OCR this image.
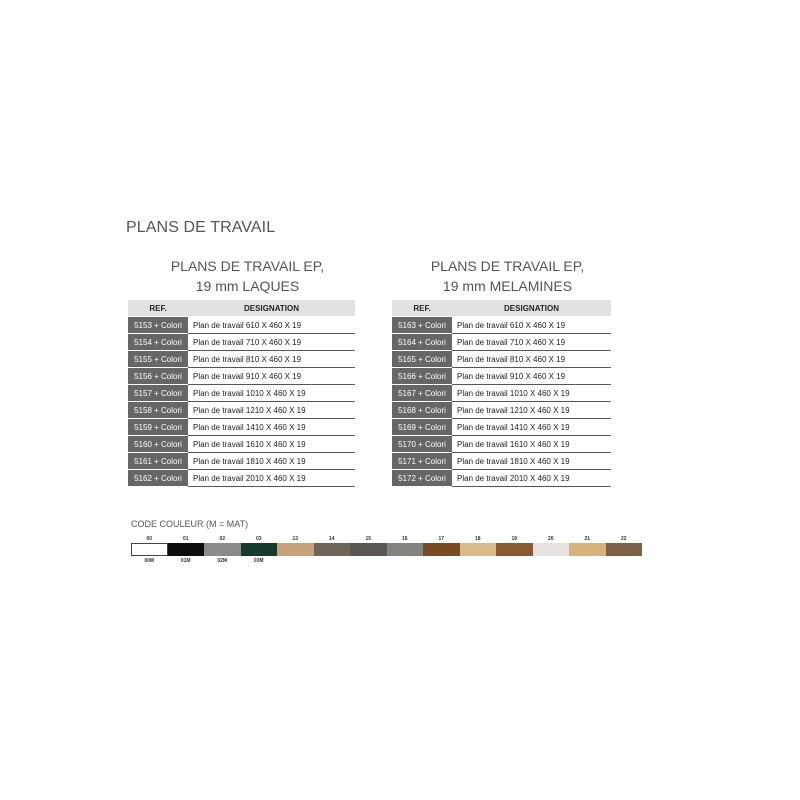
PLANS DE TRAVAIL
PLANS DE TRAVAIL EP,
19 mm LAQUES
REF.	DESIGNATION
5153 + Colori	Plan de travail 610 X 460 X 19
5154 + Colori	Plan de travail 710 X 460 X 19
5155 + Colori	Plan de travail 810 X 460 X 19
5156 + Colori	Plan de travail 910 X 460 X 19
5157 + Colori	Plan de travail 1010 X 460 X 19
5158 + Colori	Plan de travail 1210 X 460 X 19
5159 + Colori	Plan de travail 1410 X 460 X 19
5160 + Colori	Plan de travail 1610 X 460 X 19
5161 + Colori	Plan de travail 1810 X 460 X 19
5162 + Colori	Plan de travail 2010 X 460 X 19
PLANS DE TRAVAIL EP,
19 mm MELAMINES
REF.	DESIGNATION
5163 + Colori	Plan de travail 610 X 460 X 19
5164 + Colori	Plan de travail 710 X 460 X 19
5165 + Colori	Plan de travail 810 X 460 X 19
5166 + Colori	Plan de travail 910 X 460 X 19
5167 + Colori	Plan de travail 1010 X 460 X 19
5168 + Colori	Plan de travail 1210 X 460 X 19
5169 + Colori	Plan de travail 1410 X 460 X 19
5170 + Colori	Plan de travail 1610 X 460 X 19
5171 + Colori	Plan de travail 1810 X 460 X 19
5172 + Colori	Plan de travail 2010 X 460 X 19
CODE COULEUR (M = MAT)
00	01	02	03	13	14	15	16	17	18	19	20	21	22
00M	01M	02M	03M
